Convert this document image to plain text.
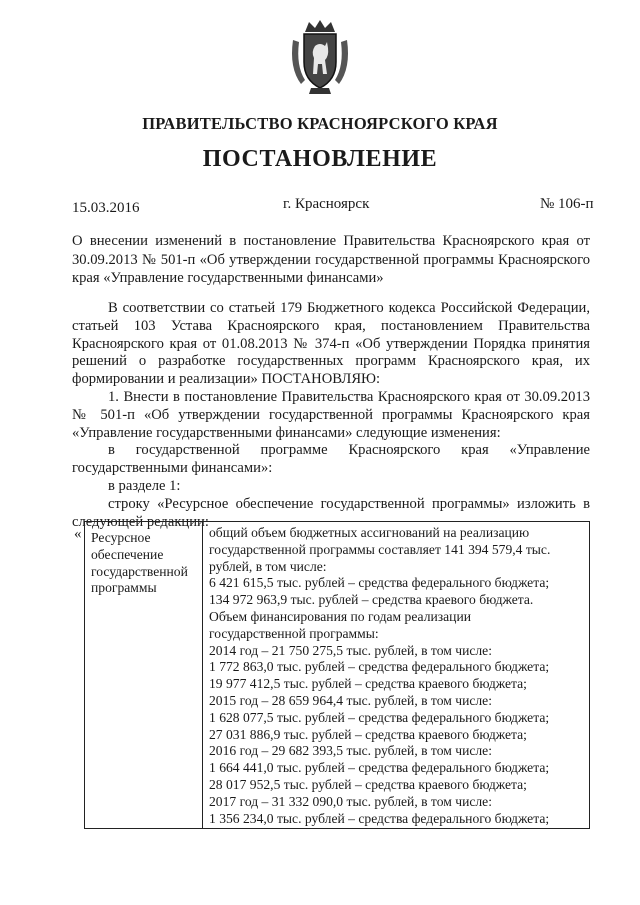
ПРАВИТЕЛЬСТВО КРАСНОЯРСКОГО КРАЯ
ПОСТАНОВЛЕНИЕ
15.03.2016	г. Красноярск	№ 106-п
О внесении изменений в постановление Правительства Красноярского края от 30.09.2013 № 501-п «Об утверждении государственной программы Красноярского края «Управление государственными финансами»

В соответствии со статьей 179 Бюджетного кодекса Российской Федерации, статьей 103 Устава Красноярского края, постановлением Правительства Красноярского края от 01.08.2013 № 374-п «Об утверждении Порядка принятия решений о разработке государственных программ Красноярского края, их формировании и реализации» ПОСТАНОВЛЯЮ:

1. Внести в постановление Правительства Красноярского края от 30.09.2013 № 501-п «Об утверждении государственной программы Красноярского края «Управление государственными финансами» следующие изменения:

в государственной программе Красноярского края «Управление государственными финансами»:

в разделе 1:

строку «Ресурсное обеспечение государственной программы» изложить в следующей редакции:

« Ресурсное
обеспечение
государственной
программы
общий объем бюджетных ассигнований на реализацию
государственной программы составляет 141 394 579,4 тыс.
рублей, в том числе:
6 421 615,5 тыс. рублей – средства федерального бюджета;
134 972 963,9 тыс. рублей – средства краевого бюджета.
Объем финансирования по годам реализации
государственной программы:
2014 год – 21 750 275,5 тыс. рублей, в том числе:
1 772 863,0 тыс. рублей – средства федерального бюджета;
19 977 412,5 тыс. рублей – средства краевого бюджета;
2015 год – 28 659 964,4 тыс. рублей, в том числе:
1 628 077,5 тыс. рублей – средства федерального бюджета;
27 031 886,9 тыс. рублей – средства краевого бюджета;
2016 год – 29 682 393,5 тыс. рублей, в том числе:
1 664 441,0 тыс. рублей – средства федерального бюджета;
28 017 952,5 тыс. рублей – средства краевого бюджета;
2017 год – 31 332 090,0 тыс. рублей, в том числе:
1 356 234,0 тыс. рублей – средства федерального бюджета;
